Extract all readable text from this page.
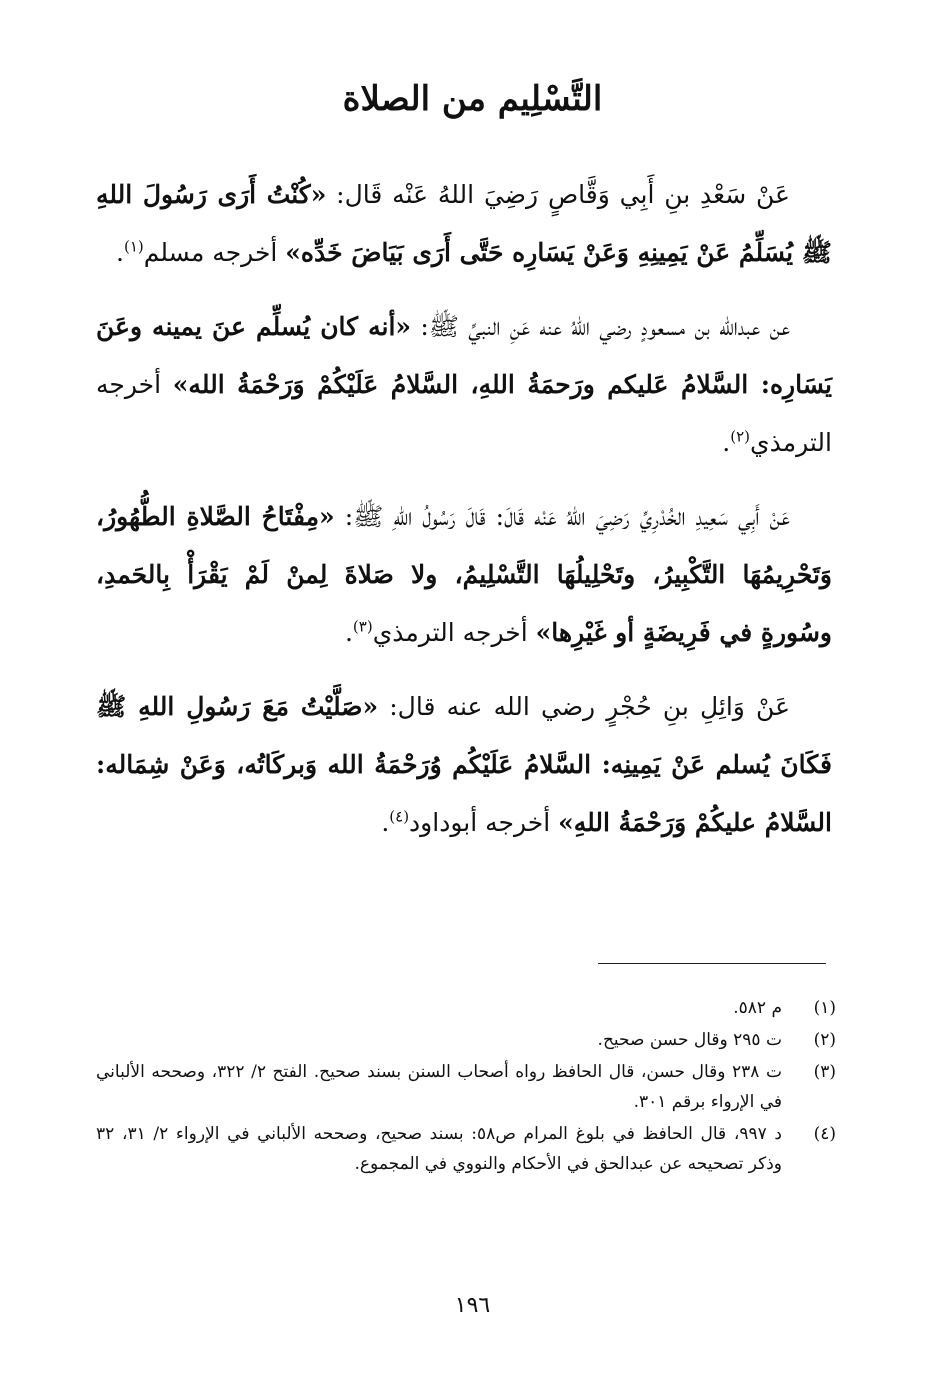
التَّسْلِيم من الصلاة

عَنْ سَعْدِ بنِ أَبِي وَقَّاصٍ رَضِيَ اللهُ عَنْه قَال: «كُنْتُ أَرَى رَسُولَ اللهِ ﷺ يُسَلِّمُ عَنْ يَمِينِهِ وَعَنْ يَسَارِه حَتَّى أَرَى بَيَاضَ خَدِّه» أخرجه مسلم$^{(١)}$.

عن عبدالله بن مسعودٍ رضي اللهُ عنه عَنِ النبيِّ ﷺ: «أنه كان يُسلِّم عنَ يمينه وعَنَ يَسَارِه: السَّلامُ عَليكم ورَحمَةُ اللهِ، السَّلامُ عَلَيْكُمْ وَرَحْمَةُ الله» أخرجه الترمذي$^{(٢)}$.

عَنْ أَبِي سَعِيدِ الخُدْرِيِّ رَضِيَ اللهُ عَنْه قَالَ: قَالَ رَسُولُ اللهِ ﷺ: «مِفْتَاحُ الصَّلاةِ الطُّهُورُ، وَتَحْرِيمُهَا التَّكْبِيرُ، وتَحْلِيلُهَا التَّسْلِيمُ، ولا صَلاةَ لِمنْ لَمْ يَقْرَأْ بِالحَمدِ، وسُورةٍ في فَرِيضَةٍ أو غَيْرِها» أخرجه الترمذي$^{(٣)}$.

عَنْ وَائِلِ بنِ حُجْرٍ رضي الله عنه قال: «صَلَّيْتُ مَعَ رَسُولِ اللهِ ﷺ فَكَانَ يُسلم عَنْ يَمِينِه: السَّلامُ عَلَيْكُم وُرَحْمَةُ الله وَبركَاتُه، وَعَنْ شِمَاله: السَّلامُ عليكُمْ وَرَحْمَةُ اللهِ» أخرجه أبوداود$^{(٤)}$.

(١)
م ٥٨٢.
(٢)
ت ٢٩٥ وقال حسن صحيح.
(٣)
ت ٢٣٨ وقال حسن، قال الحافظ رواه أصحاب السنن بسند صحيح. الفتح ٢/ ٣٢٢، وصححه الألباني في الإرواء برقم ٣٠١.
(٤)
د ٩٩٧، قال الحافظ في بلوغ المرام ص٥٨: بسند صحيح، وصححه الألباني في الإرواء ٢/ ٣١، ٣٢ وذكر تصحيحه عن عبدالحق في الأحكام والنووي في المجموع.
١٩٦
